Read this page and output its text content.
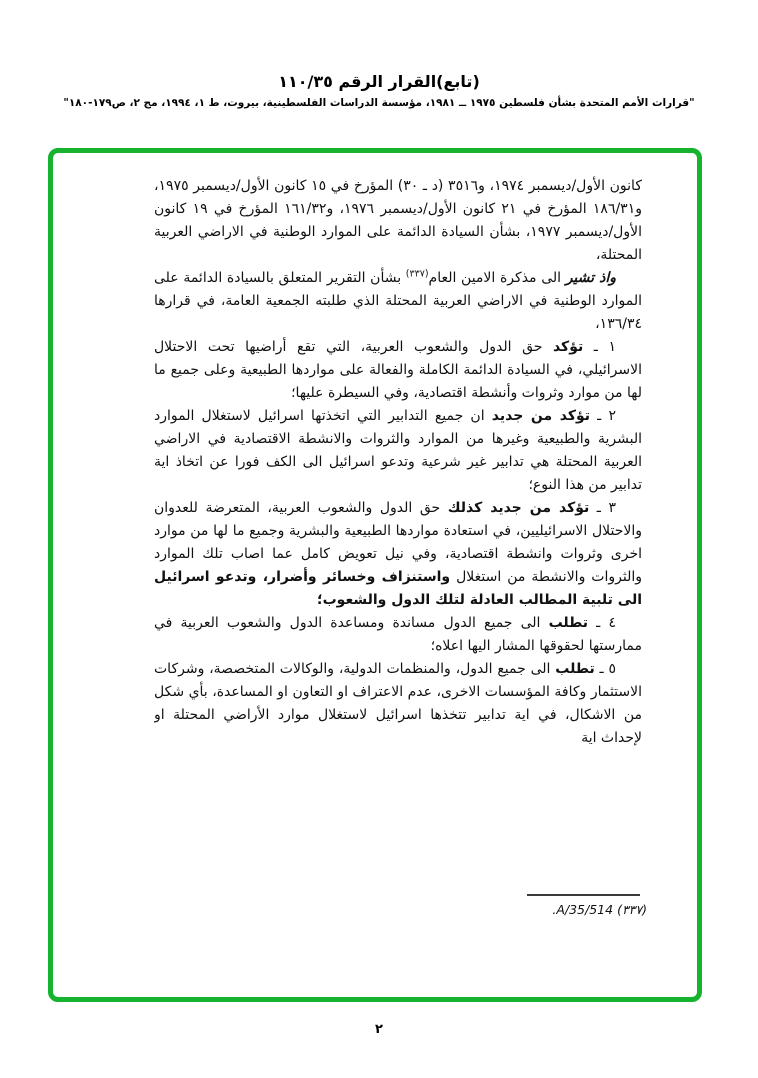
(تابع)القرار الرقم ١١٠/٣٥

"قرارات الأمم المتحدة بشأن فلسطين ١٩٧٥ ــ ١٩٨١، مؤسسة الدراسات الفلسطينية، بيروت، ط ١، ١٩٩٤، مج ٢، ص١٧٩-١٨٠"

كانون الأول/ديسمبر ١٩٧٤، و٣٥١٦ (د ـ ٣٠) المؤرخ في ١٥ كانون الأول/ديسمبر ١٩٧٥، و١٨٦/٣١ المؤرخ في ٢١ كانون الأول/ديسمبر ١٩٧٦، و١٦١/٣٢ المؤرخ في ١٩ كانون الأول/ديسمبر ١٩٧٧، بشأن السيادة الدائمة على الموارد الوطنية في الاراضي العربية المحتلة،

واذ تشير الى مذكرة الامين العام$^{(٣٣٧)}$ بشأن التقرير المتعلق بالسيادة الدائمة على الموارد الوطنية في الاراضي العربية المحتلة الذي طلبته الجمعية العامة، في قرارها ١٣٦/٣٤،

١ ـ تؤكد حق الدول والشعوب العربية، التي تقع أراضيها تحت الاحتلال الاسرائيلي، في السيادة الدائمة الكاملة والفعالة على مواردها الطبيعية وعلى جميع ما لها من موارد وثروات وأنشطة اقتصادية، وفي السيطرة عليها؛

٢ ـ تؤكد من جديد ان جميع التدابير التي اتخذتها اسرائيل لاستغلال الموارد البشرية والطبيعية وغيرها من الموارد والثروات والانشطة الاقتصادية في الاراضي العربية المحتلة هي تدابير غير شرعية وتدعو اسرائيل الى الكف فورا عن اتخاذ اية تدابير من هذا النوع؛

٣ ـ تؤكد من جديد كذلك حق الدول والشعوب العربية، المتعرضة للعدوان والاحتلال الاسرائيليين، في استعادة مواردها الطبيعية والبشرية وجميع ما لها من موارد اخرى وثروات وانشطة اقتصادية، وفي نيل تعويض كامل عما اصاب تلك الموارد والثروات والانشطة من استغلال واستنزاف وخسائر وأضرار، وتدعو اسرائيل الى تلبية المطالب العادلة لتلك الدول والشعوب؛

٤ ـ تطلب الى جميع الدول مساندة ومساعدة الدول والشعوب العربية في ممارستها لحقوقها المشار اليها اعلاه؛

٥ ـ تطلب الى جميع الدول، والمنظمات الدولية، والوكالات المتخصصة، وشركات الاستثمار وكافة المؤسسات الاخرى، عدم الاعتراف او التعاون او المساعدة، بأي شكل من الاشكال، في اية تدابير تتخذها اسرائيل لاستغلال موارد الأراضي المحتلة او لإحداث اية

(٣٣٧) A/35/514.
٢
